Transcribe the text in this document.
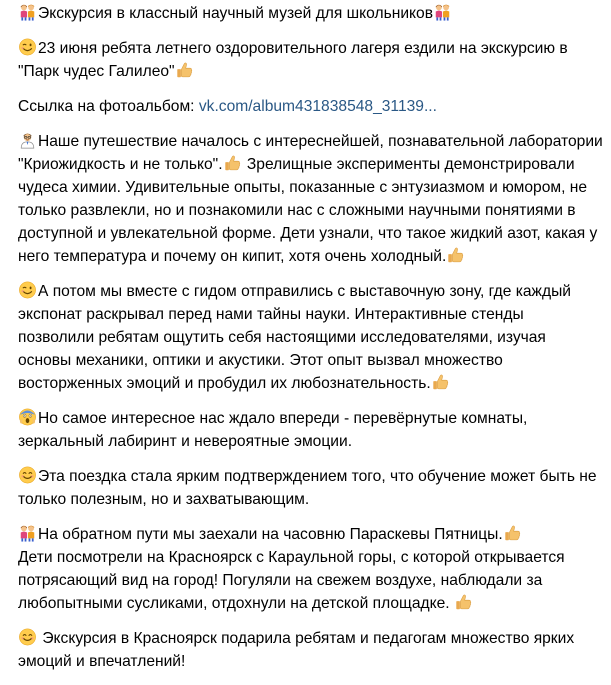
Экскурсия в классный научный музей для школьников

23 июня ребята летнего оздоровительного лагеря ездили на экскурсию в "Парк чудес Галилео"

Ссылка на фотоальбом: vk.com/album431838548_31139...

Наше путешествие началось с интереснейшей, познавательной лаборатории "Криожидкость и не только".
Зрелищные эксперименты демонстрировали чудеса химии. Удивительные опыты, показанные с энтузиазмом и юмором, не только развлекли, но и познакомили нас с сложными научными понятиями в доступной и увлекательной форме. Дети узнали, что такое жидкий азот, какая у него температура и почему он кипит, хотя очень холодный.

А потом мы вместе с гидом отправились с выставочную зону, где каждый экспонат раскрывал перед нами тайны науки. Интерактивные стенды позволили ребятам ощутить себя настоящими исследователями, изучая основы механики, оптики и акустики. Этот опыт вызвал множество восторженных эмоций и пробудил их любознательность.

Но самое интересное нас ждало впереди - перевёрнутые комнаты, зеркальный лабиринт и невероятные эмоции.

Эта поездка стала ярким подтверждением того, что обучение может быть не только полезным, но и захватывающим.

На обратном пути мы заехали на часовню Параскевы Пятницы.

Дети посмотрели на Красноярск с Караульной горы, с которой открывается потрясающий вид на город! Погуляли на свежем воздухе, наблюдали за любопытными сусликами, отдохнули на детской площадке.

Экскурсия в Красноярск подарила ребятам и педагогам множество ярких эмоций и впечатлений!
